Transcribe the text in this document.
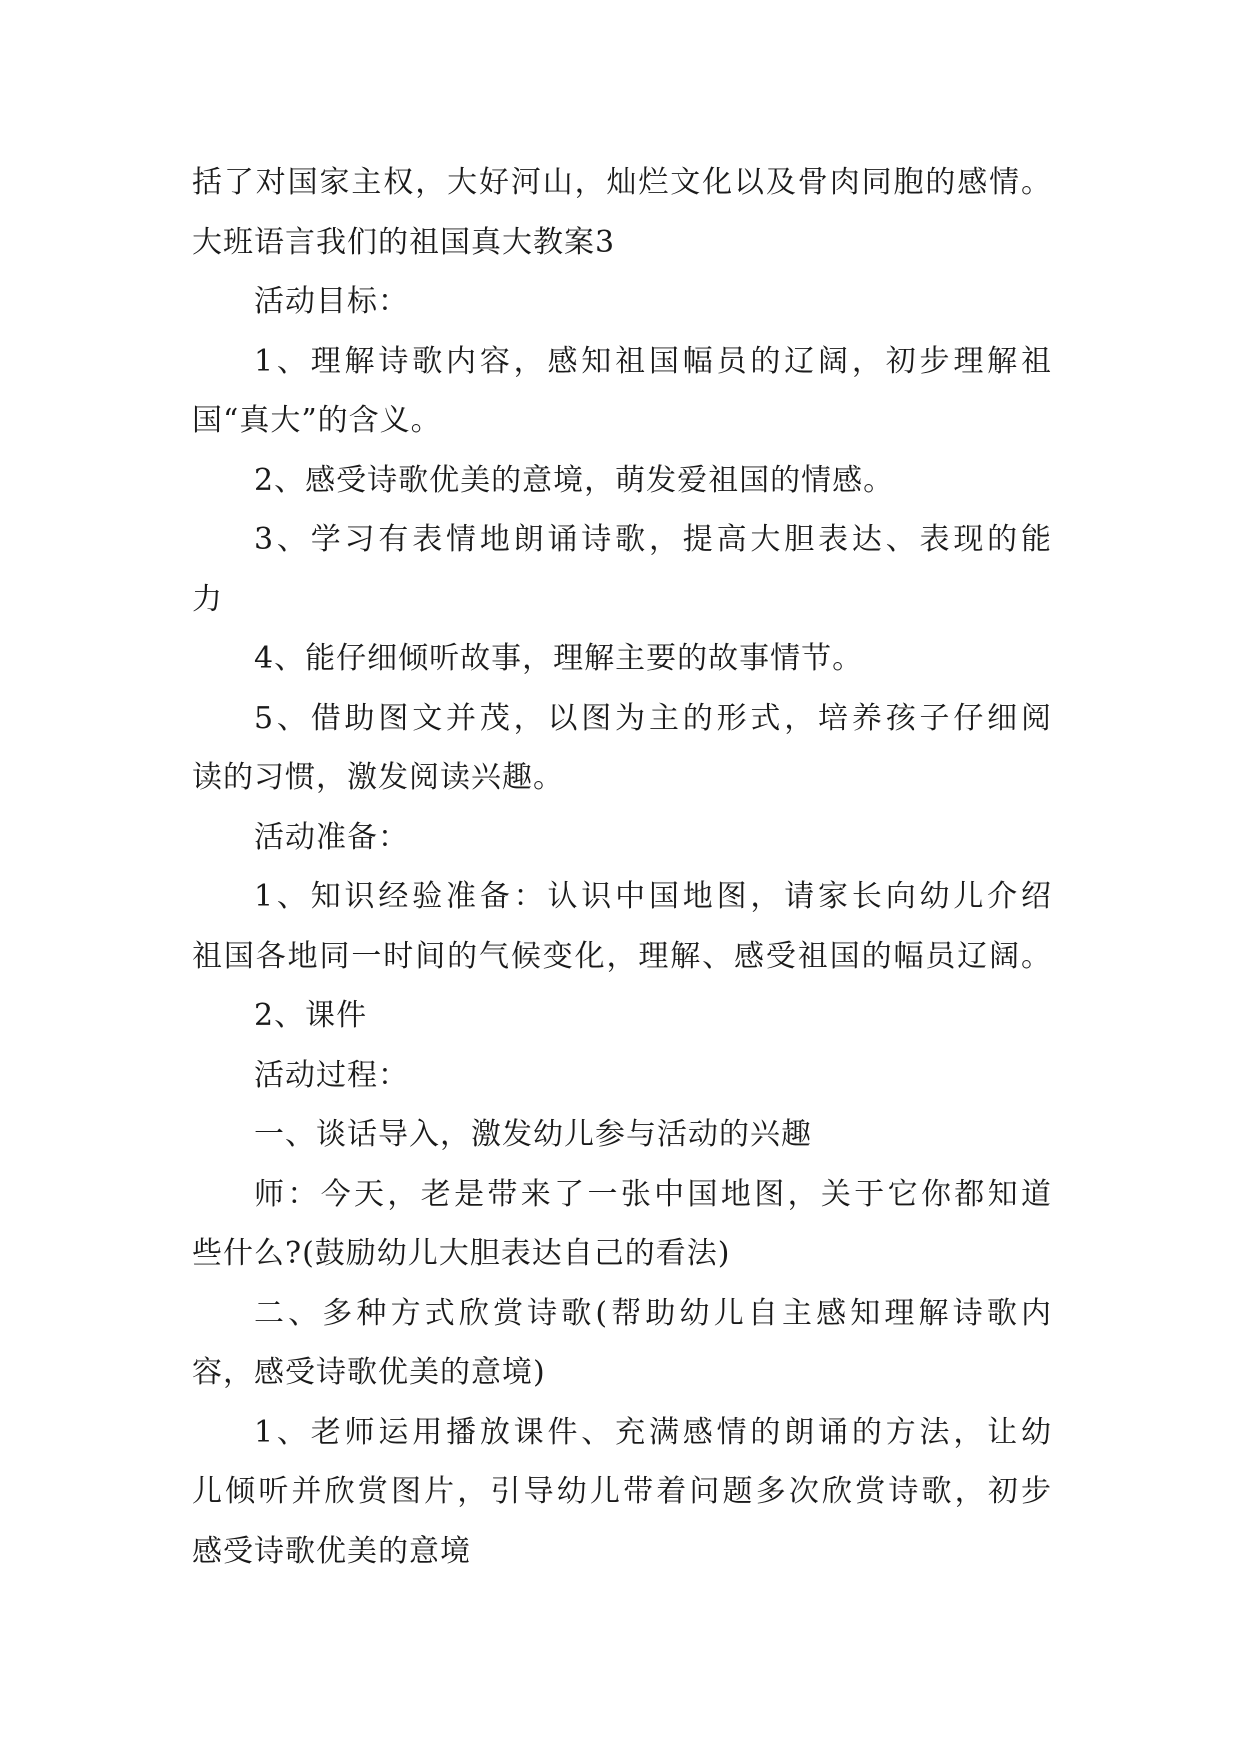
括了对国家主权，大好河山，灿烂文化以及骨肉同胞的感情。
大班语言我们的祖国真大教案3
活动目标：
1、理解诗歌内容，感知祖国幅员的辽阔，初步理解祖
国“真大”的含义。
2、感受诗歌优美的意境，萌发爱祖国的情感。
3、学习有表情地朗诵诗歌，提高大胆表达、表现的能
力
4、能仔细倾听故事，理解主要的故事情节。
5、借助图文并茂，以图为主的形式，培养孩子仔细阅
读的习惯，激发阅读兴趣。
活动准备：
1、知识经验准备：认识中国地图，请家长向幼儿介绍
祖国各地同一时间的气候变化，理解、感受祖国的幅员辽阔。
2、课件
活动过程：
一、谈话导入，激发幼儿参与活动的兴趣
师：今天，老是带来了一张中国地图，关于它你都知道
些什么?(鼓励幼儿大胆表达自己的看法)
二、多种方式欣赏诗歌(帮助幼儿自主感知理解诗歌内
容，感受诗歌优美的意境)
1、老师运用播放课件、充满感情的朗诵的方法，让幼
儿倾听并欣赏图片，引导幼儿带着问题多次欣赏诗歌，初步
感受诗歌优美的意境
